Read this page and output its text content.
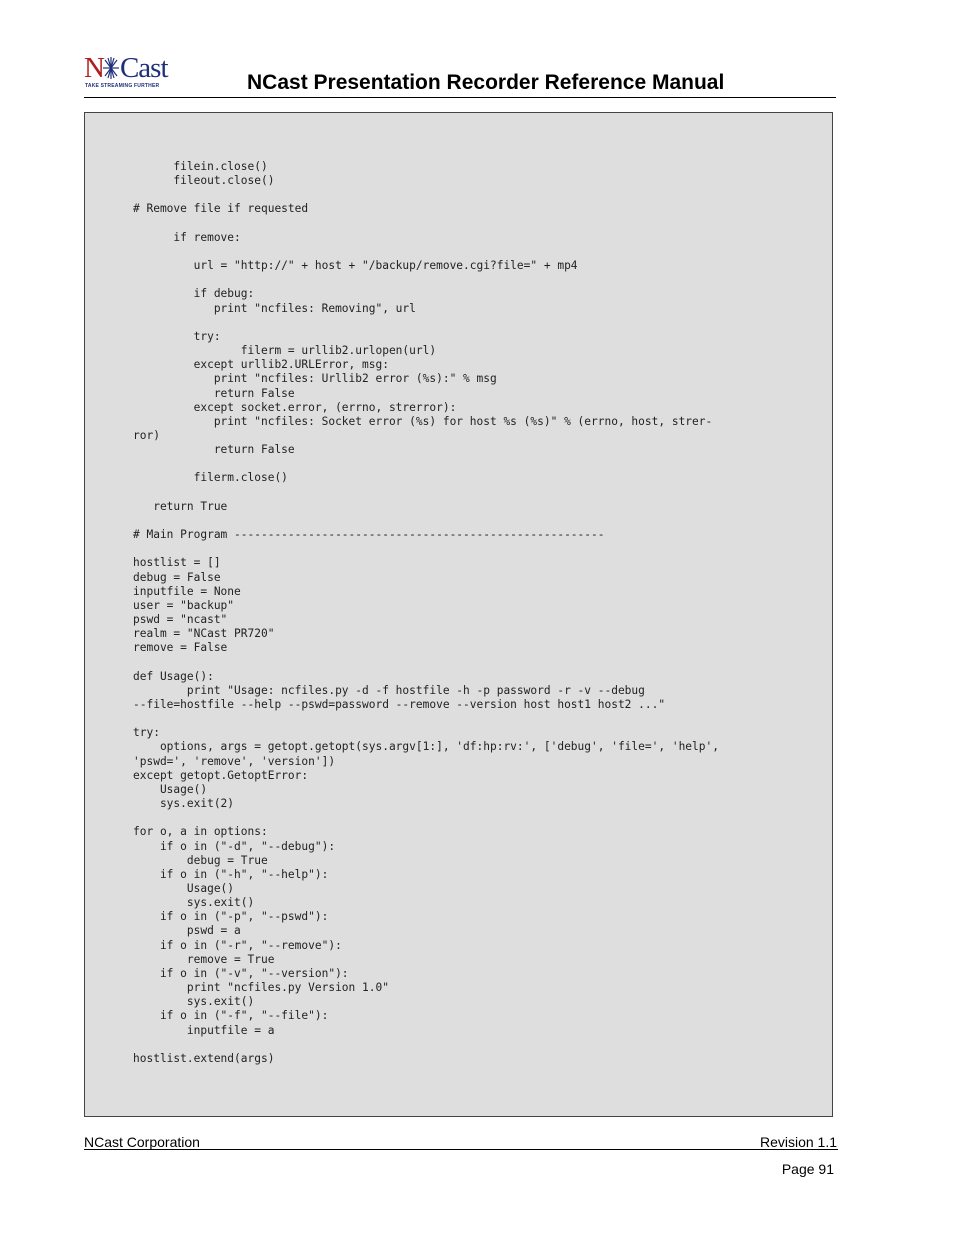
N Cast
TAKE STREAMING FURTHER	NCast Presentation Recorder Reference Manual
filein.close()
fileout.close()

# Remove file if requested

if remove:

url = "http://" + host + "/backup/remove.cgi?file=" + mp4

if debug:
print "ncfiles: Removing", url

try:
filerm = urllib2.urlopen(url)
except urllib2.URLError, msg:
print "ncfiles: Urllib2 error (%s):" % msg
return False
except socket.error, (errno, strerror):
print "ncfiles: Socket error (%s) for host %s (%s)" % (errno, host, strer-
ror)
return False

filerm.close()

return True

# Main Program -------------------------------------------------------

hostlist = []
debug = False
inputfile = None
user = "backup"
pswd = "ncast"
realm = "NCast PR720"
remove = False

def Usage():
print "Usage: ncfiles.py -d -f hostfile -h -p password -r -v --debug
--file=hostfile --help --pswd=password --remove --version host host1 host2 ..."

try:
options, args = getopt.getopt(sys.argv[1:], 'df:hp:rv:', ['debug', 'file=', 'help',
'pswd=', 'remove', 'version'])
except getopt.GetoptError:
Usage()
sys.exit(2)

for o, a in options:
if o in ("-d", "--debug"):
debug = True
if o in ("-h", "--help"):
Usage()
sys.exit()
if o in ("-p", "--pswd"):
pswd = a
if o in ("-r", "--remove"):
remove = True
if o in ("-v", "--version"):
print "ncfiles.py Version 1.0"
sys.exit()
if o in ("-f", "--file"):
inputfile = a

hostlist.extend(args)
NCast Corporation	Revision 1.1
Page 91
